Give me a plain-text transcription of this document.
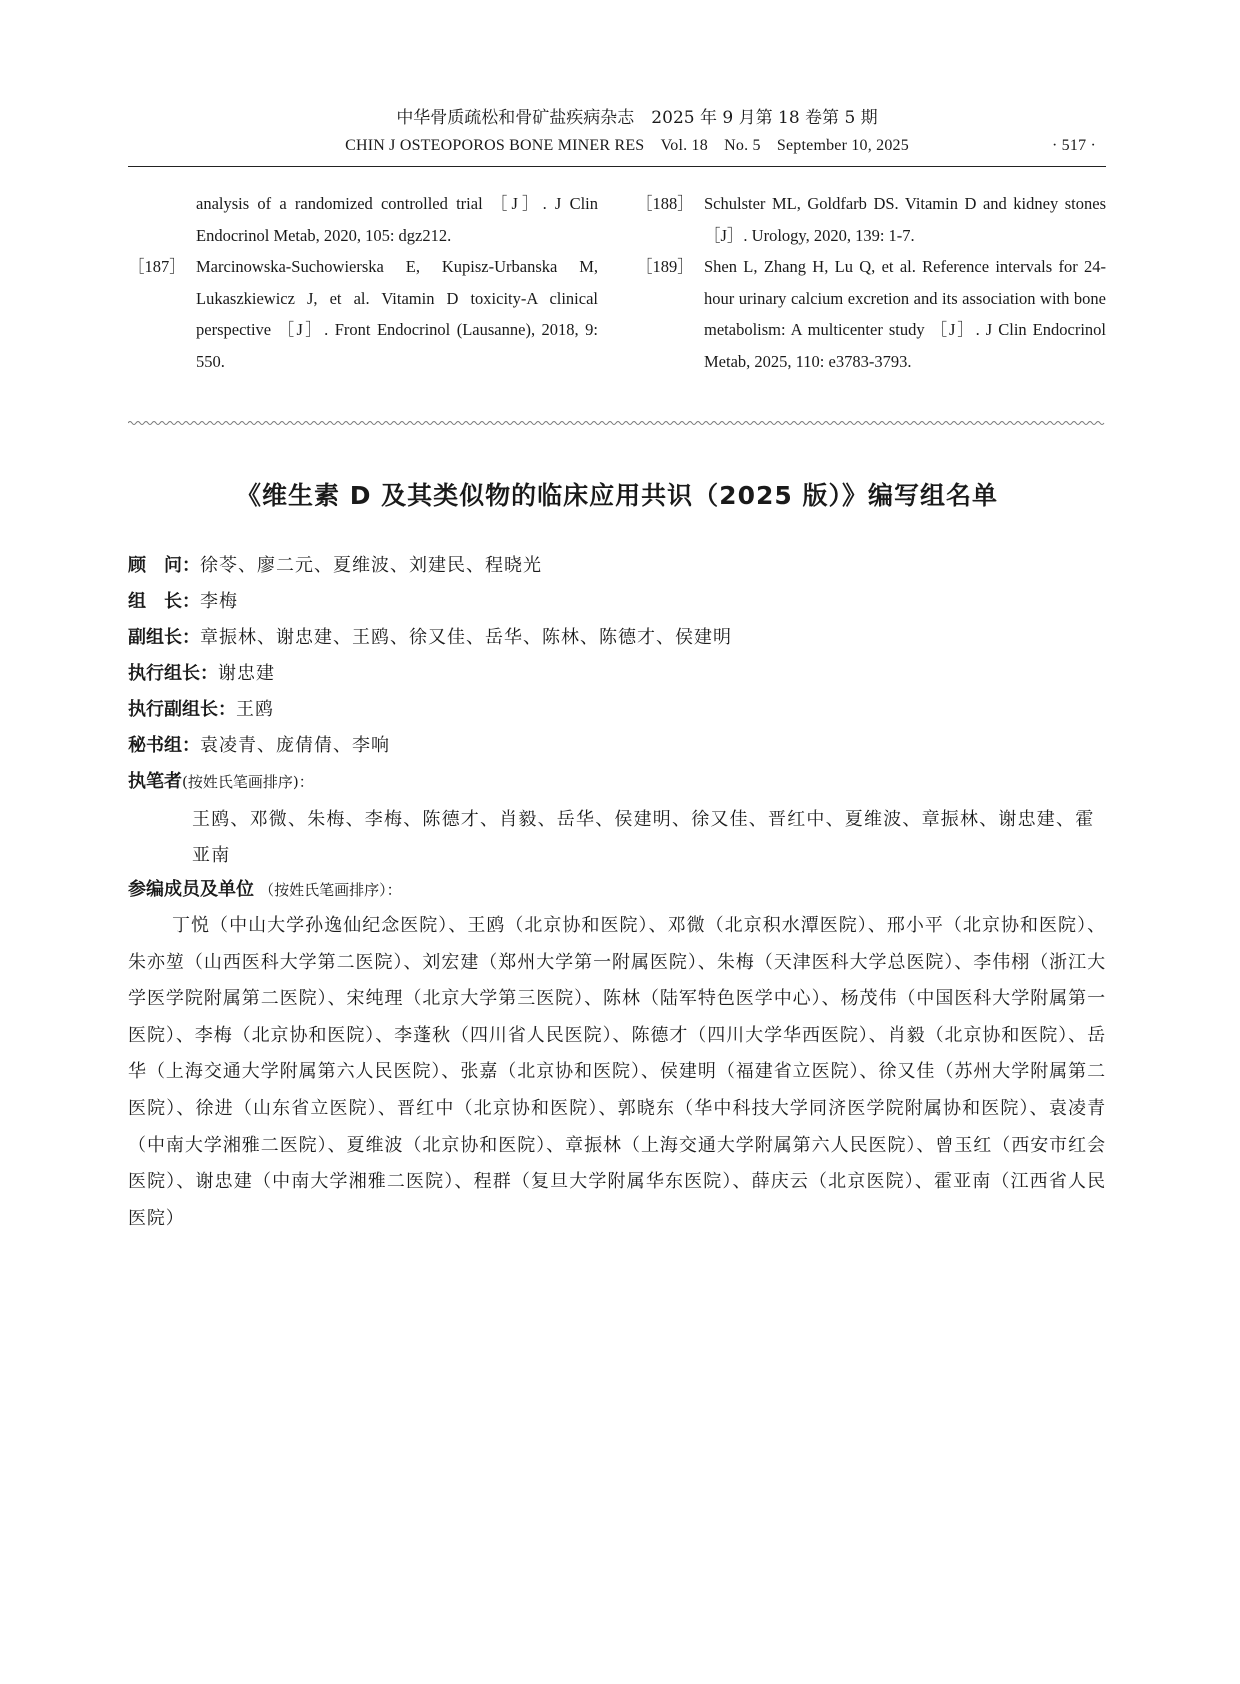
中华骨质疏松和骨矿盐疾病杂志　2025 年 9 月第 18 卷第 5 期
CHIN J OSTEOPOROS BONE MINER RES　Vol. 18　No. 5　September 10, 2025	· 517 ·
analysis of a randomized controlled trial ［J］. J Clin Endocrinol Metab, 2020, 105: dgz212.
［187］ Marcinowska-Suchowierska E, Kupisz-Urbanska M, Lukaszkiewicz J, et al. Vitamin D toxicity-A clinical perspective ［J］. Front Endocrinol (Lausanne), 2018, 9: 550.
［188］ Schulster ML, Goldfarb DS. Vitamin D and kidney stones ［J］. Urology, 2020, 139: 1-7.
［189］ Shen L, Zhang H, Lu Q, et al. Reference intervals for 24-hour urinary calcium excretion and its association with bone metabolism: A multicenter study ［J］. J Clin Endocrinol Metab, 2025, 110: e3783-3793.
《维生素 D 及其类似物的临床应用共识（2025 版）》编写组名单
顾　问： 徐苓、廖二元、夏维波、刘建民、程晓光
组　长： 李梅
副组长： 章振林、谢忠建、王鸥、徐又佳、岳华、陈林、陈德才、侯建明
执行组长： 谢忠建
执行副组长： 王鸥
秘书组： 袁凌青、庞倩倩、李响
执笔者 (按姓氏笔画排序)：
王鸥、邓微、朱梅、李梅、陈德才、肖毅、岳华、侯建明、徐又佳、晋红中、夏维波、章振林、谢忠建、霍亚南
参编成员及单位 （按姓氏笔画排序）：
丁悦（中山大学孙逸仙纪念医院）、王鸥（北京协和医院）、邓微（北京积水潭医院）、邢小平（北京协和医院）、朱亦堃（山西医科大学第二医院）、刘宏建（郑州大学第一附属医院）、朱梅（天津医科大学总医院）、李伟栩（浙江大学医学院附属第二医院）、宋纯理（北京大学第三医院）、陈林（陆军特色医学中心）、杨茂伟（中国医科大学附属第一医院）、李梅（北京协和医院）、李蓬秋（四川省人民医院）、陈德才（四川大学华西医院）、肖毅（北京协和医院）、岳华（上海交通大学附属第六人民医院）、张嘉（北京协和医院）、侯建明（福建省立医院）、徐又佳（苏州大学附属第二医院）、徐进（山东省立医院）、晋红中（北京协和医院）、郭晓东（华中科技大学同济医学院附属协和医院）、袁凌青（中南大学湘雅二医院）、夏维波（北京协和医院）、章振林（上海交通大学附属第六人民医院）、曾玉红（西安市红会医院）、谢忠建（中南大学湘雅二医院）、程群（复旦大学附属华东医院）、薛庆云（北京医院）、霍亚南（江西省人民医院）
